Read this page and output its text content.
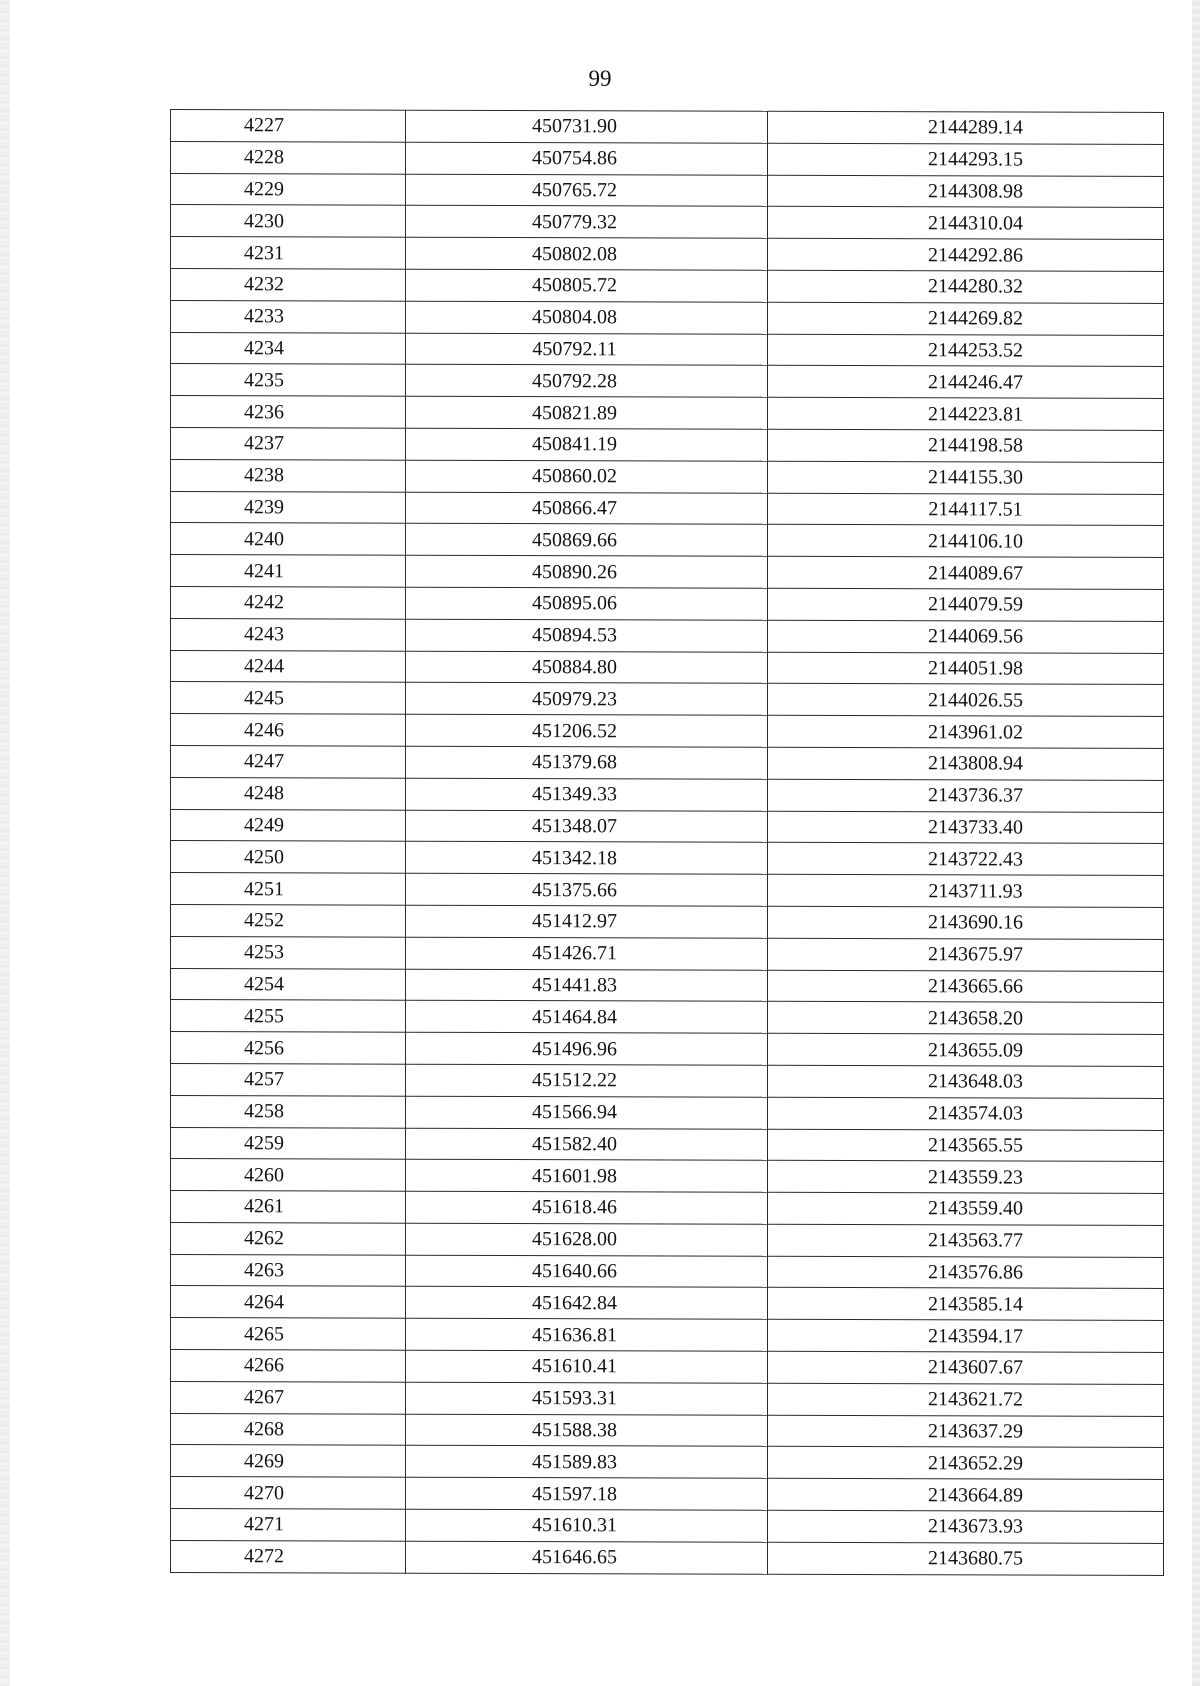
99
4227	450731.90	2144289.14
4228	450754.86	2144293.15
4229	450765.72	2144308.98
4230	450779.32	2144310.04
4231	450802.08	2144292.86
4232	450805.72	2144280.32
4233	450804.08	2144269.82
4234	450792.11	2144253.52
4235	450792.28	2144246.47
4236	450821.89	2144223.81
4237	450841.19	2144198.58
4238	450860.02	2144155.30
4239	450866.47	2144117.51
4240	450869.66	2144106.10
4241	450890.26	2144089.67
4242	450895.06	2144079.59
4243	450894.53	2144069.56
4244	450884.80	2144051.98
4245	450979.23	2144026.55
4246	451206.52	2143961.02
4247	451379.68	2143808.94
4248	451349.33	2143736.37
4249	451348.07	2143733.40
4250	451342.18	2143722.43
4251	451375.66	2143711.93
4252	451412.97	2143690.16
4253	451426.71	2143675.97
4254	451441.83	2143665.66
4255	451464.84	2143658.20
4256	451496.96	2143655.09
4257	451512.22	2143648.03
4258	451566.94	2143574.03
4259	451582.40	2143565.55
4260	451601.98	2143559.23
4261	451618.46	2143559.40
4262	451628.00	2143563.77
4263	451640.66	2143576.86
4264	451642.84	2143585.14
4265	451636.81	2143594.17
4266	451610.41	2143607.67
4267	451593.31	2143621.72
4268	451588.38	2143637.29
4269	451589.83	2143652.29
4270	451597.18	2143664.89
4271	451610.31	2143673.93
4272	451646.65	2143680.75
